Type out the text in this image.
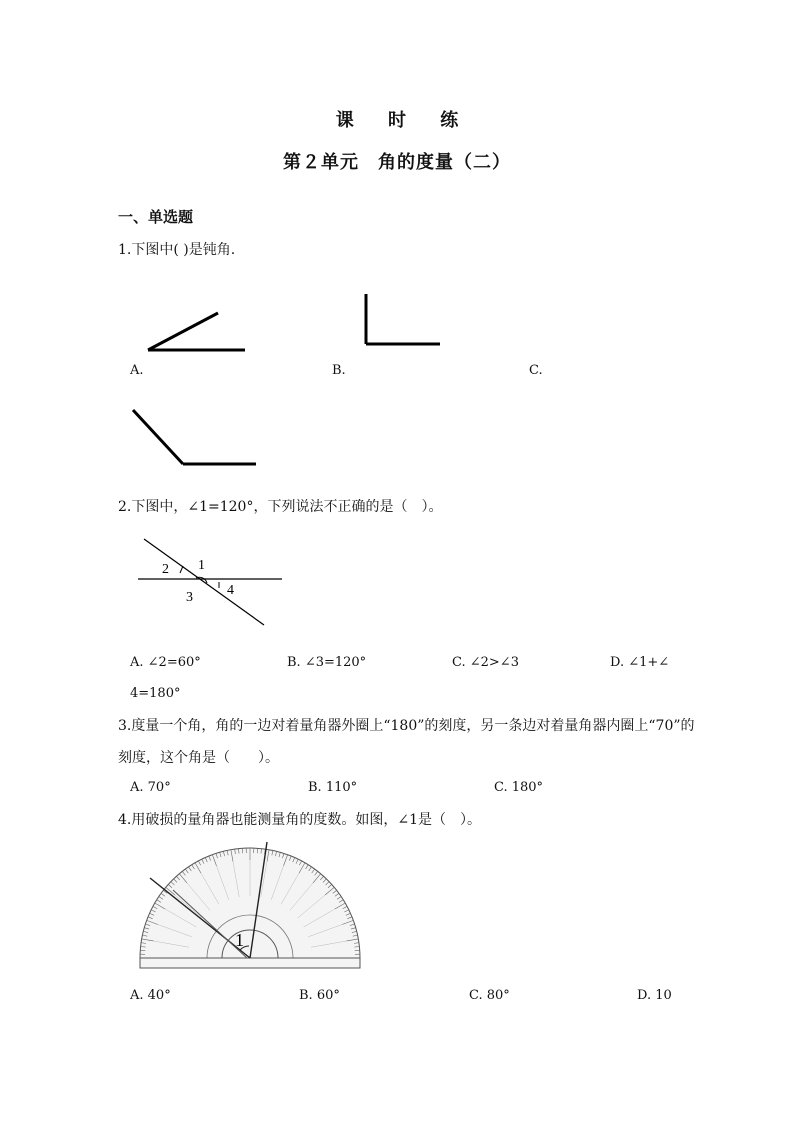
课 时 练
第２单元　角的度量（二）
一、单选题
1.下图中( )是钝角.
A.	B.	C.
2.下图中，∠1=120°，下列说法不正确的是（　）。
1
2
3 4
A. ∠2=60°	B. ∠3=120°	C. ∠2>∠3	D. ∠1+∠
4=180°
3.度量一个角，角的一边对着量角器外圈上“180”的刻度，另一条边对着量角器内圈上“70”的
刻度，这个角是（　　）。
A. 70°	B. 110°	C. 180°
4.用破损的量角器也能测量角的度数。如图，∠1是（　）。
1
A. 40°	B. 60°	C. 80°	D. 10
